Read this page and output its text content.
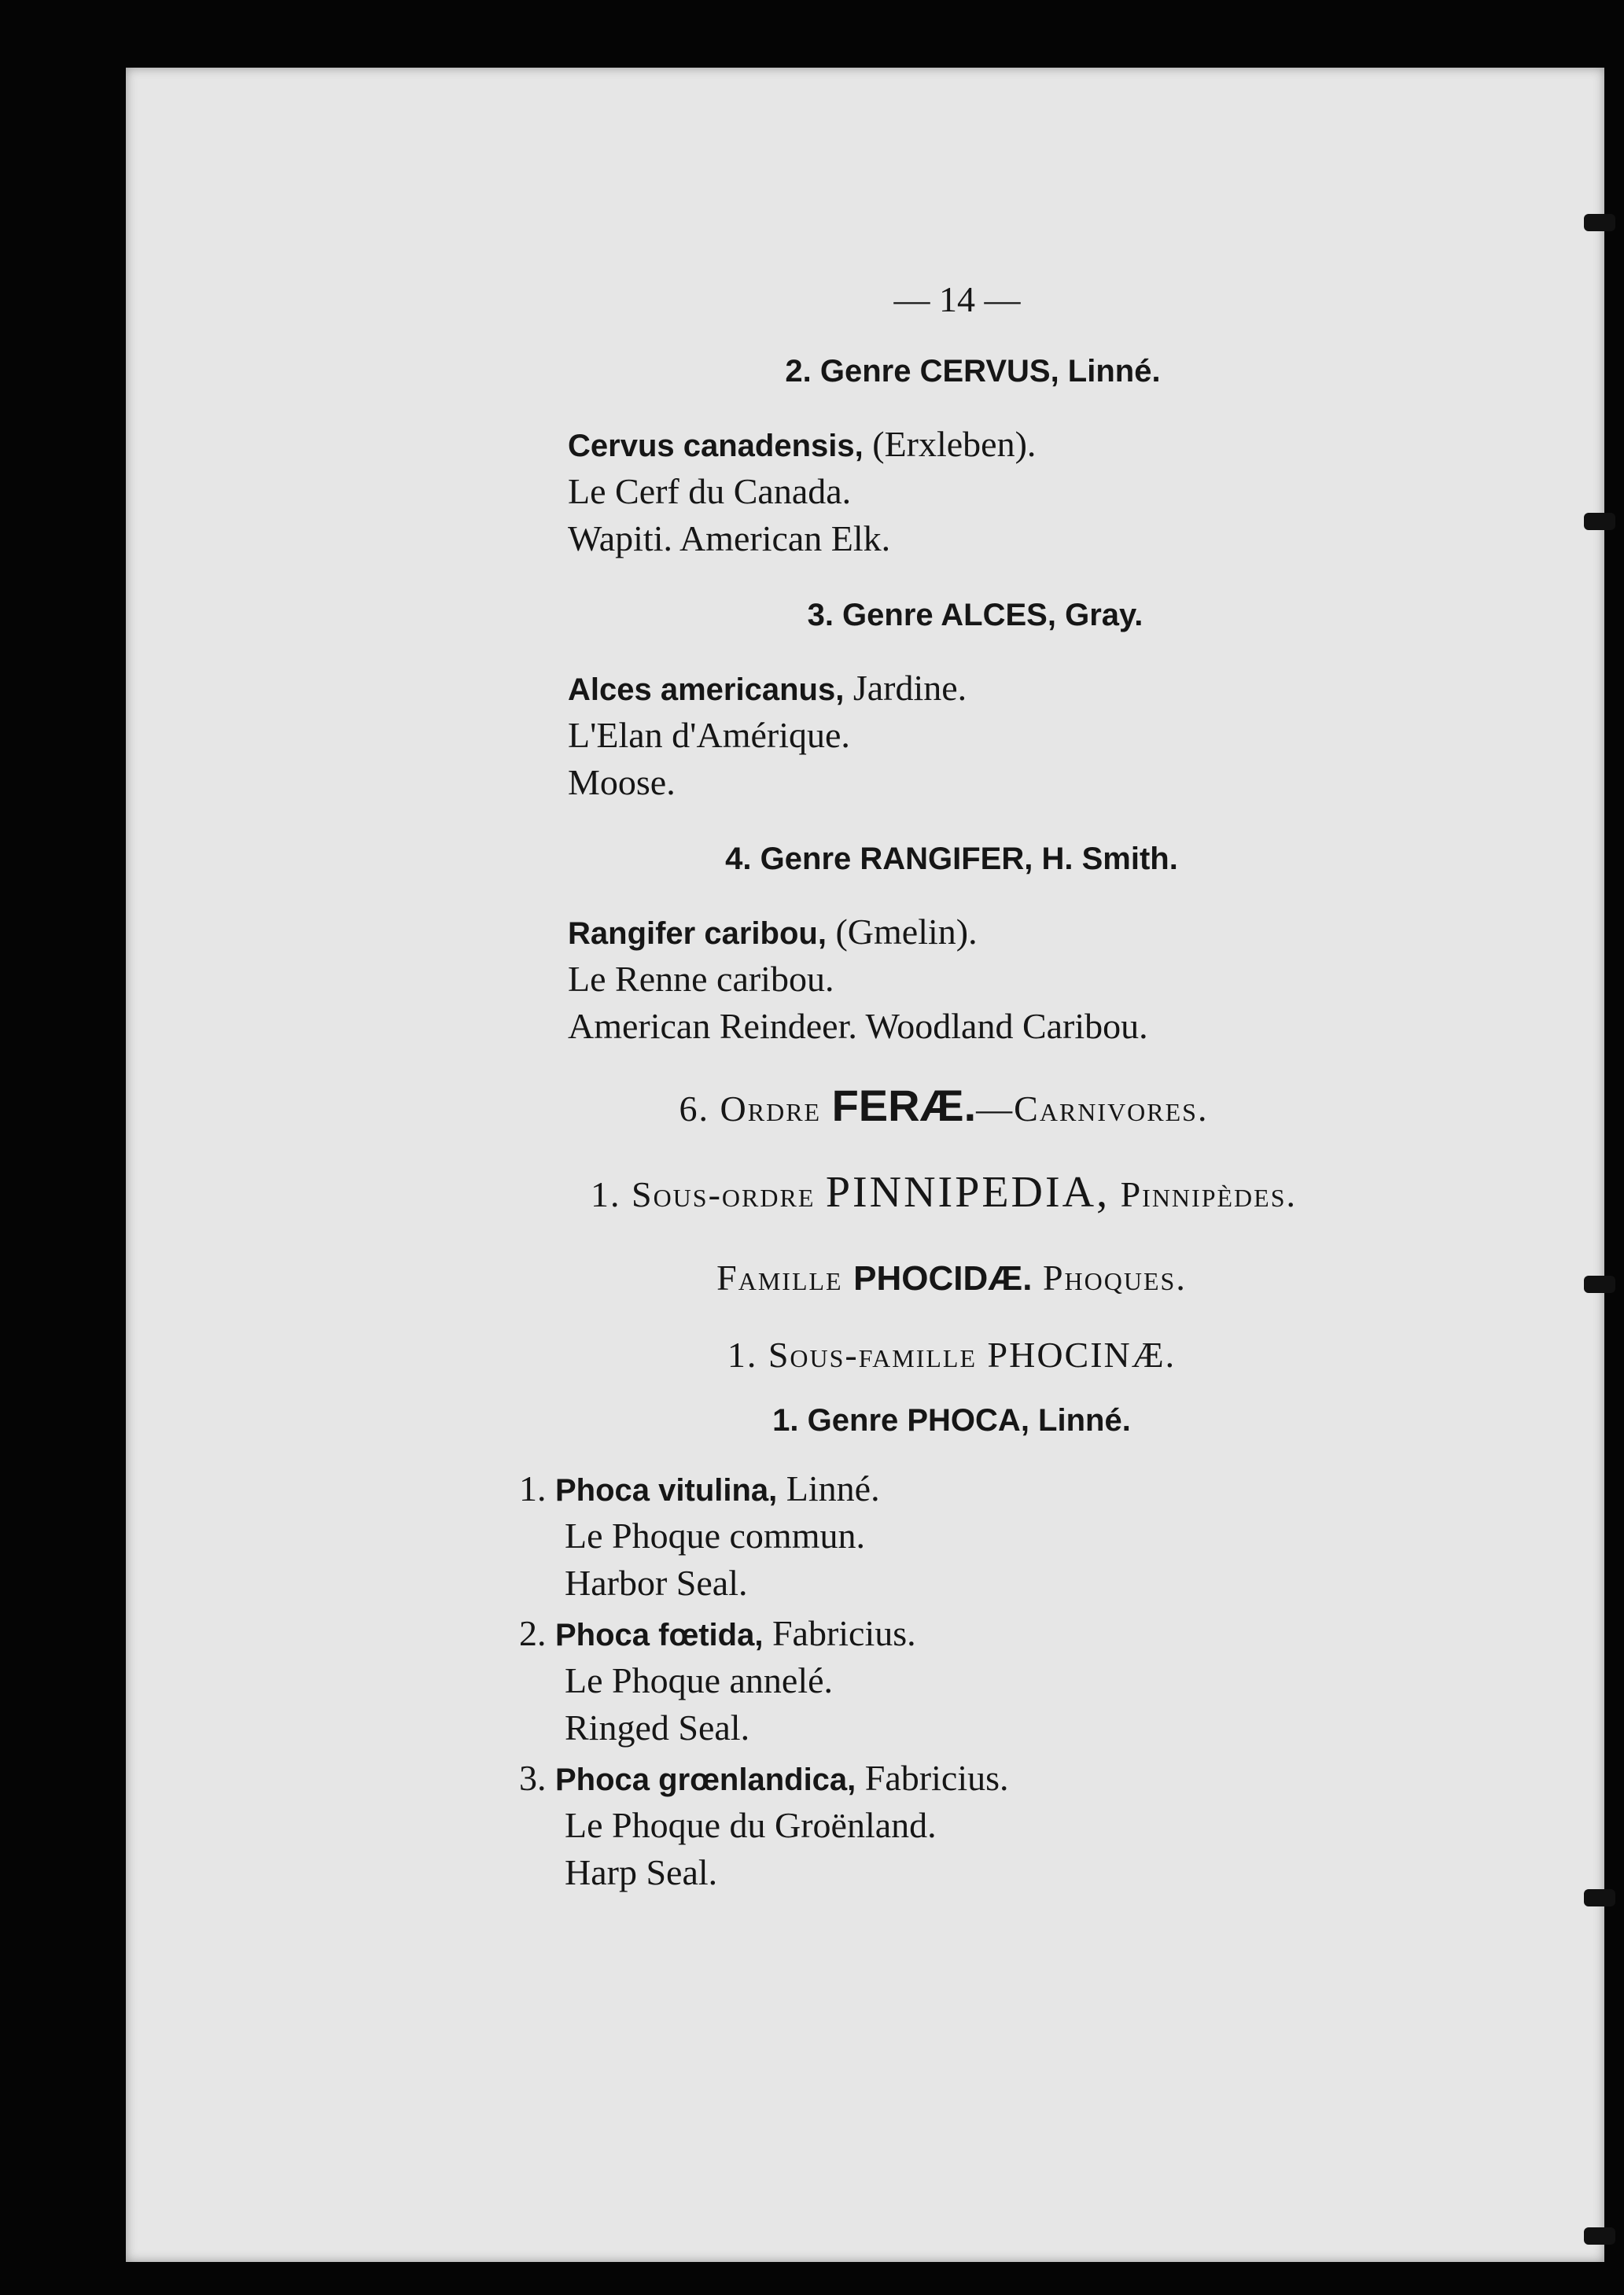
— 14 —
2. Genre CERVUS, Linné.
Cervus canadensis, (Erxleben).
Le Cerf du Canada.
Wapiti. American Elk.
3. Genre ALCES, Gray.
Alces americanus, Jardine.
L'Elan d'Amérique.
Moose.
4. Genre RANGIFER, H. Smith.
Rangifer caribou, (Gmelin).
Le Renne caribou.
American Reindeer. Woodland Caribou.
6. Ordre FERÆ.—Carnivores.
1. Sous-ordre PINNIPEDIA, Pinnipèdes.
Famille PHOCIDÆ. Phoques.
1. Sous-famille PHOCINÆ.
1. Genre PHOCA, Linné.
1. Phoca vitulina, Linné.
Le Phoque commun.
Harbor Seal.
2. Phoca fœtida, Fabricius.
Le Phoque annelé.
Ringed Seal.
3. Phoca grœnlandica, Fabricius.
Le Phoque du Groënland.
Harp Seal.
